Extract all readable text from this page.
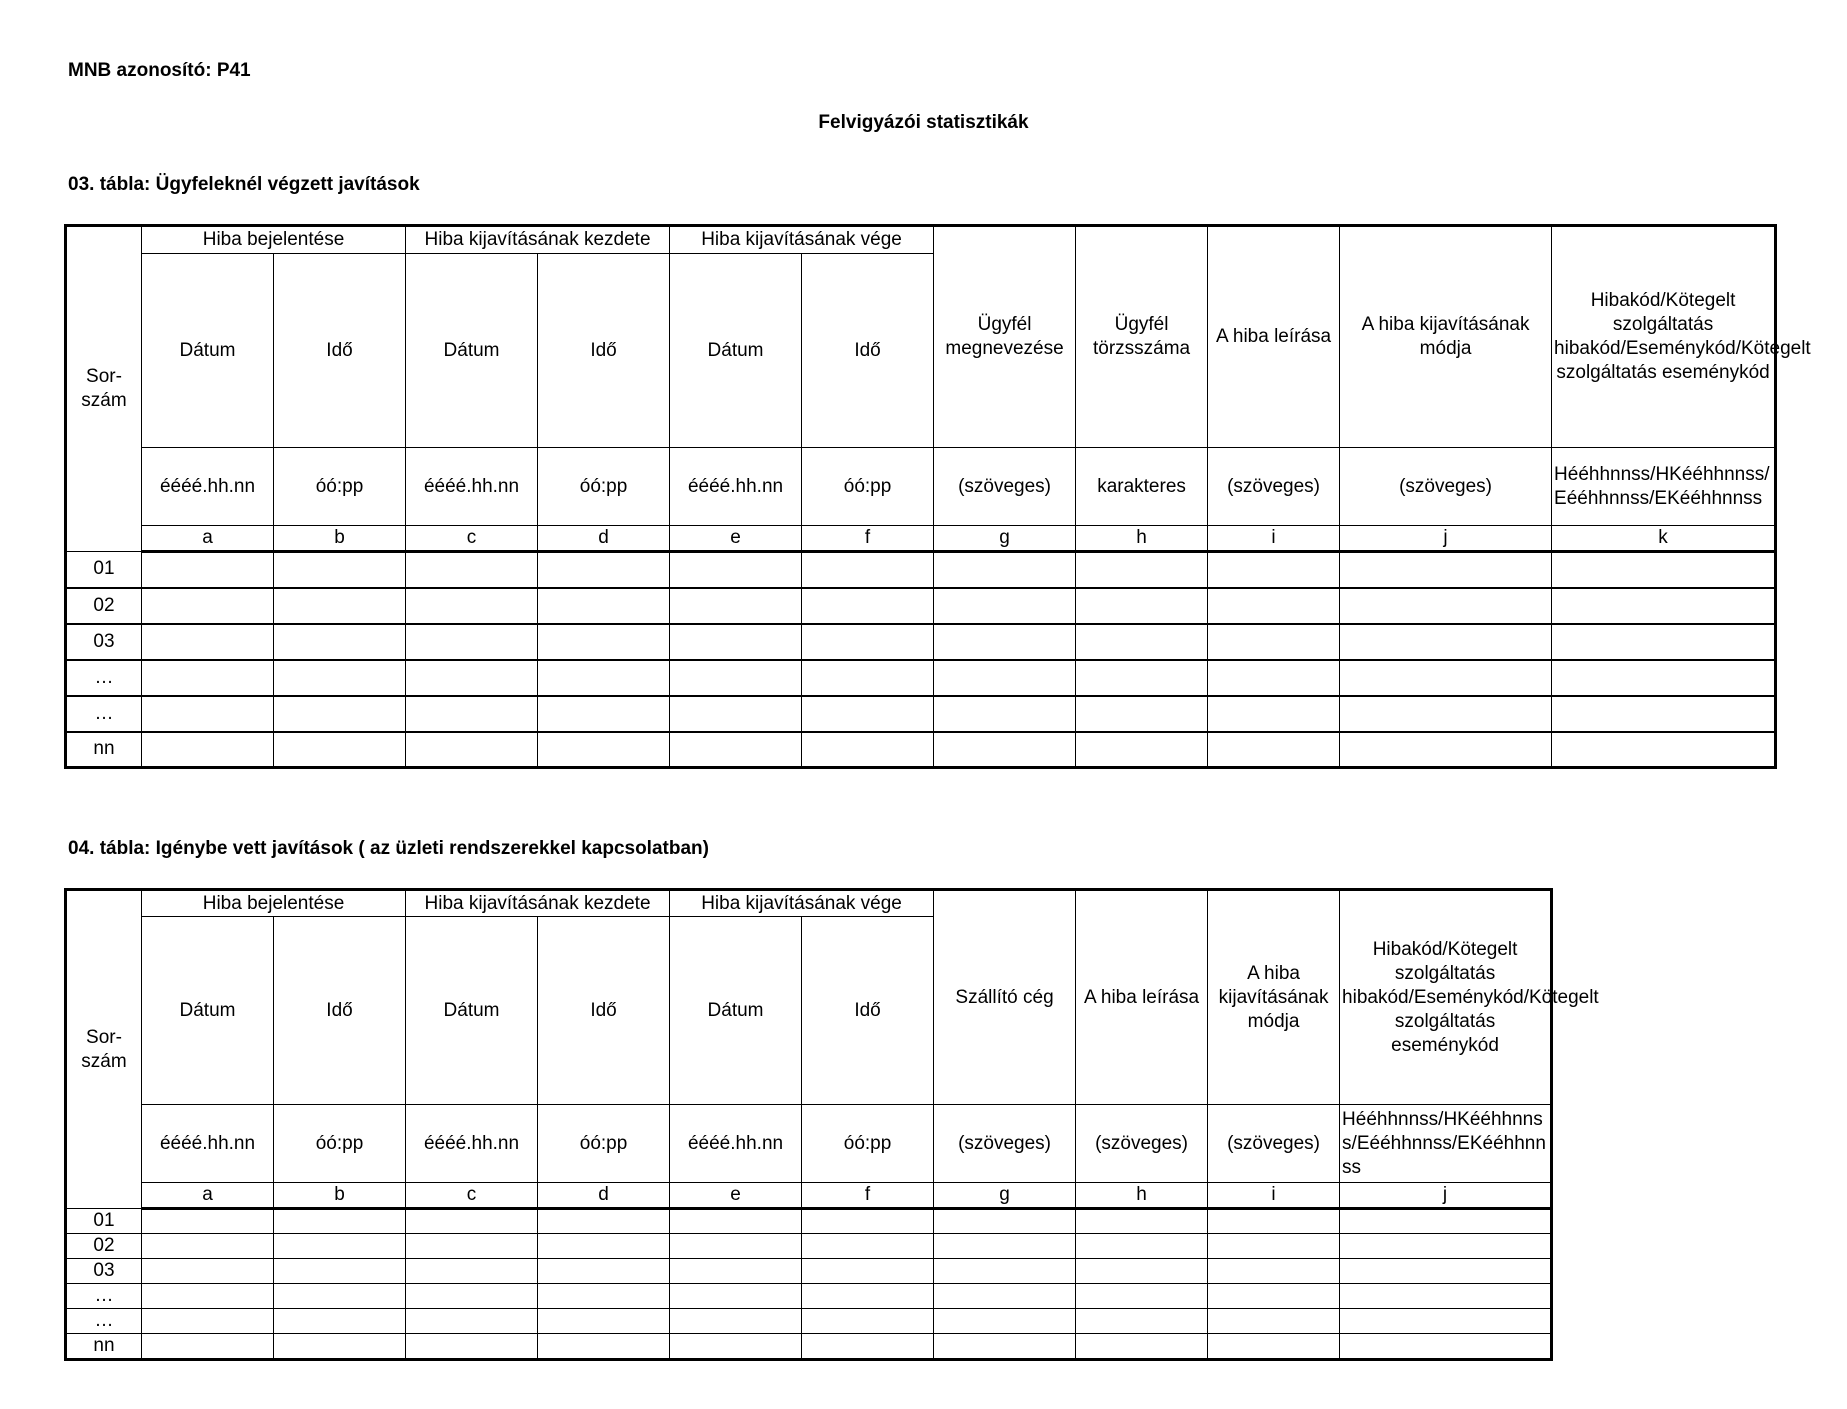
MNB azonosító: P41
Felvigyázói statisztikák
03. tábla: Ügyfeleknél végzett javítások
Sor-
szám	Hiba bejelentése		Hiba kijavításának kezdete		Hiba kijavításának vége		Ügyfél megnevezése	Ügyfél törzsszáma	A hiba leírása	A hiba kijavításának módja	Hibakód/Kötegelt szolgáltatás hibakód/Eseménykód/Kötegelt szolgáltatás eseménykód
	Dátum	Idő	Dátum	Idő	Dátum	Idő					
	éééé.hh.nn	óó:pp	éééé.hh.nn	óó:pp	éééé.hh.nn	óó:pp	(szöveges)	karakteres	(szöveges)	(szöveges)	Hééhhnnss/HKééhhnnss/Eééhhnnss/EKééhhnnss
	a	b	c	d	e	f	g	h	i	j	k
01											
02											
03											
…											
…											
nn											
04. tábla: Igénybe vett javítások ( az üzleti rendszerekkel kapcsolatban)
Sor-
szám	Hiba bejelentése		Hiba kijavításának kezdete		Hiba kijavításának vége		Szállító cég	A hiba leírása	A hiba kijavításának módja	Hibakód/Kötegelt szolgáltatás hibakód/Eseménykód/Kötegelt szolgáltatás eseménykód
	Dátum	Idő	Dátum	Idő	Dátum	Idő				
	éééé.hh.nn	óó:pp	éééé.hh.nn	óó:pp	éééé.hh.nn	óó:pp	(szöveges)	(szöveges)	(szöveges)	Hééhhnnss/HKééhhnnss/Eééhhnnss/EKééhhnnss
	a	b	c	d	e	f	g	h	i	j
01										
02										
03										
…										
…										
nn										
